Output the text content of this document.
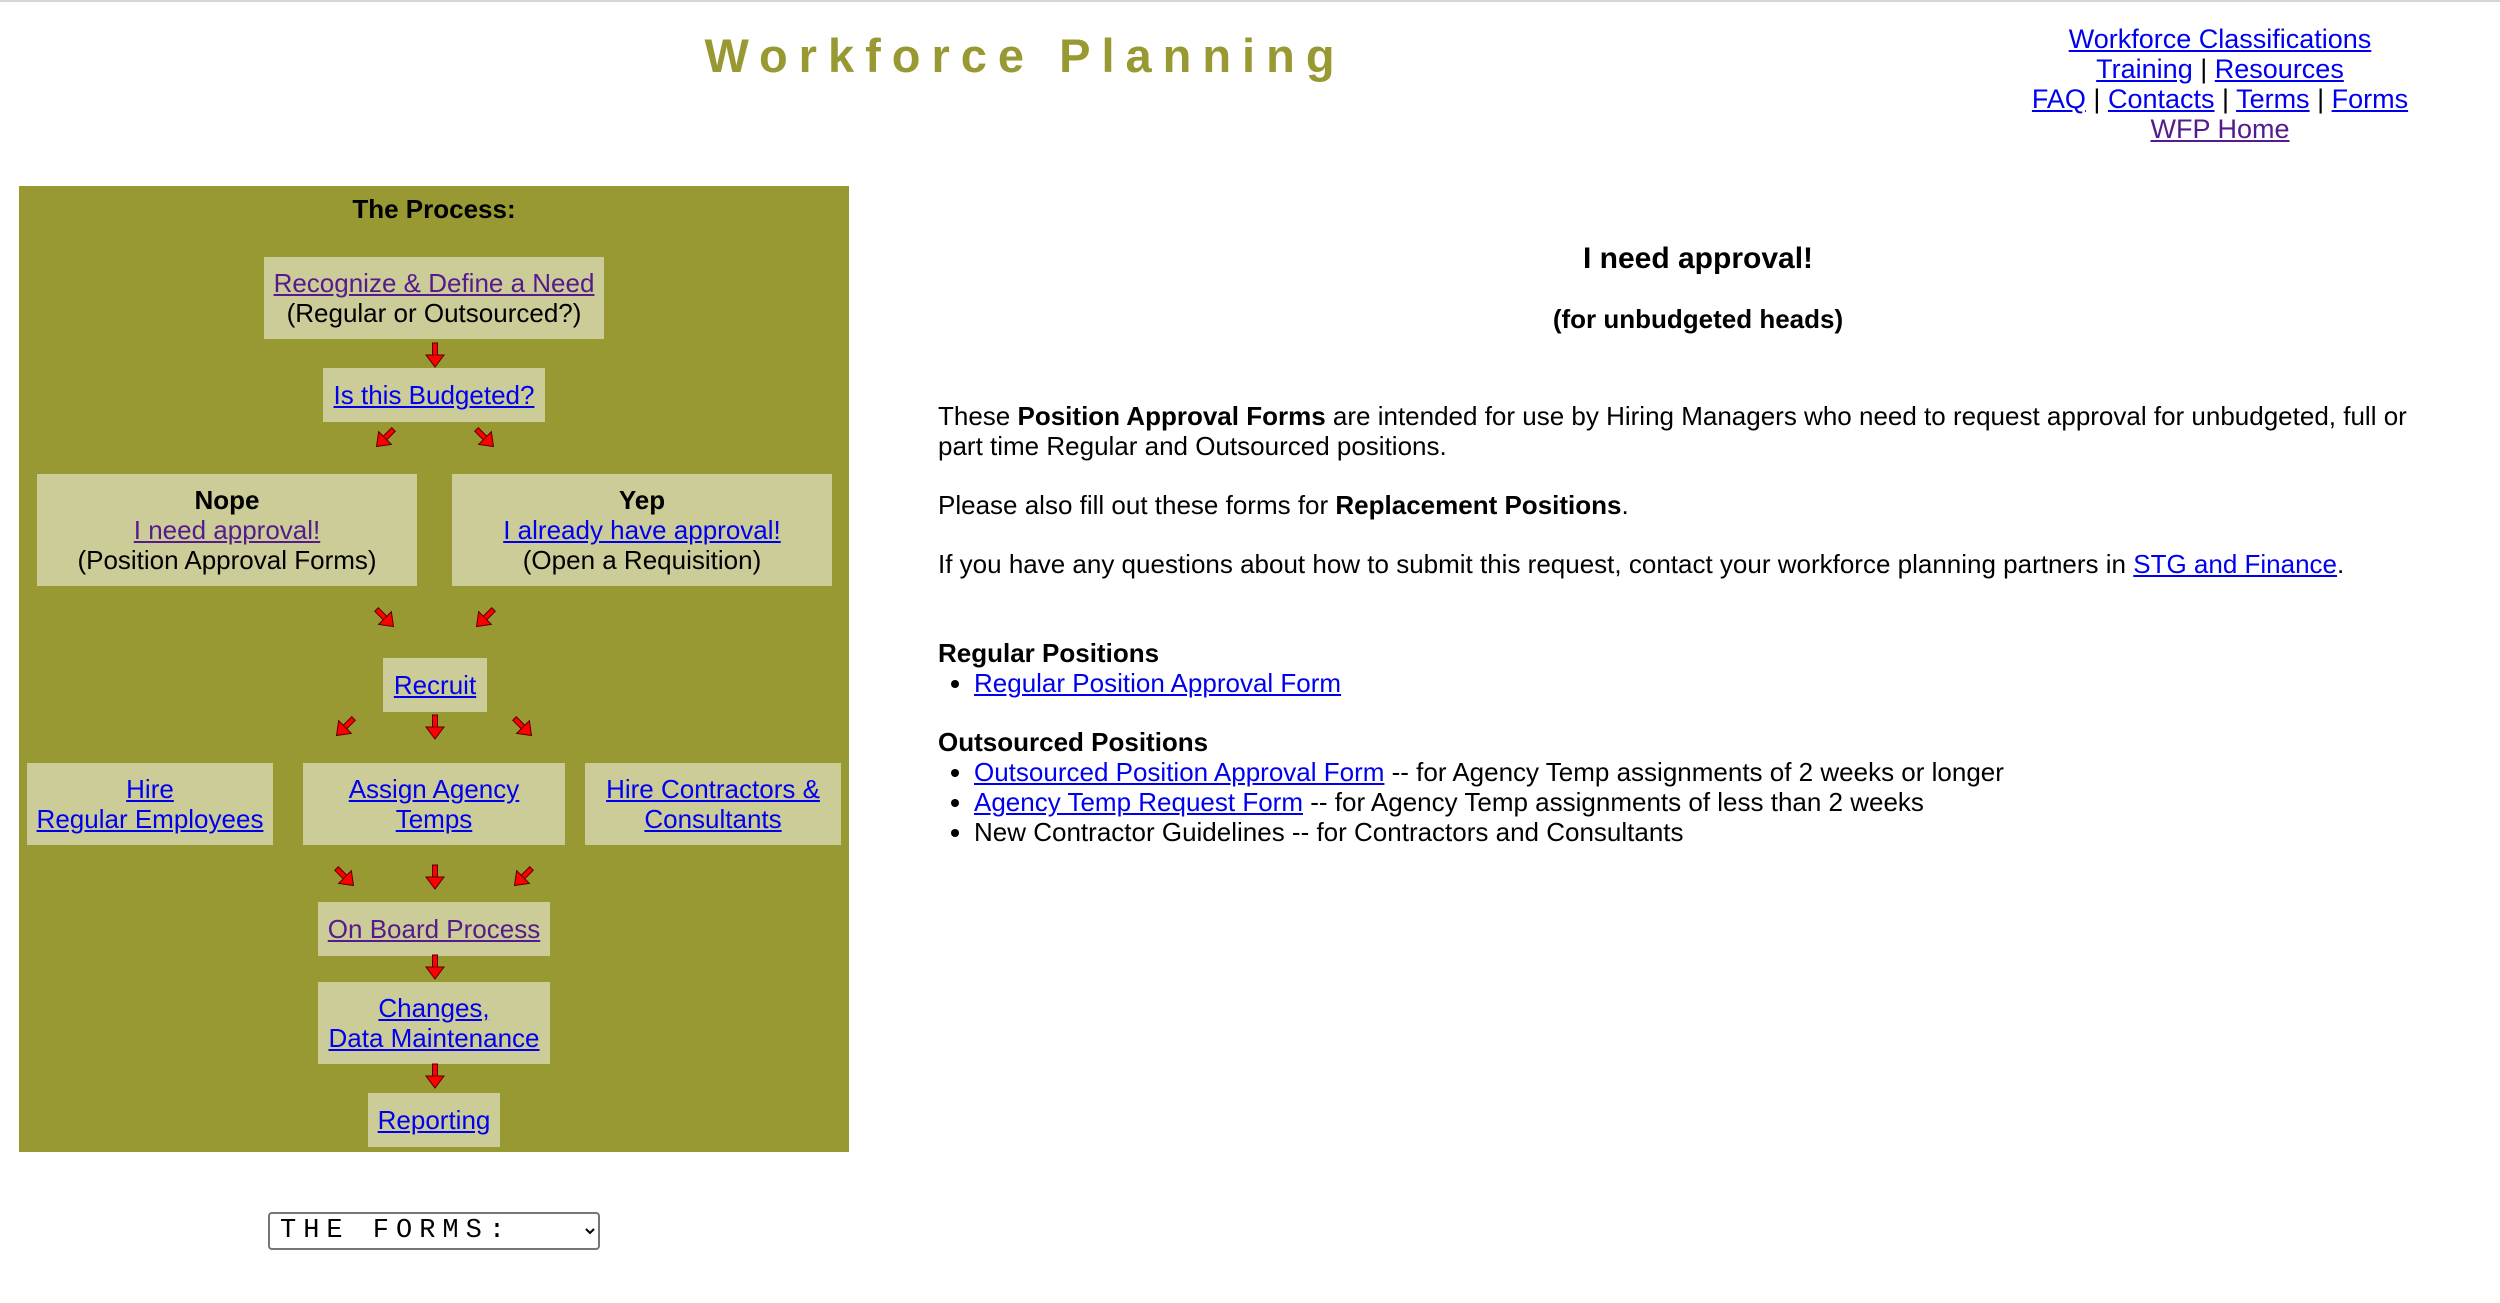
Workforce Planning	Workforce Classifications
Training | Resources
FAQ | Contacts | Terms | Forms
WFP Home
The Process:
Recognize & Define a Need
(Regular or Outsourced?)
Is this Budgeted?
Nope
I need approval!
(Position Approval Forms)
Yep
I already have approval!
(Open a Requisition)
Recruit
Hire
Regular Employees
Assign Agency
Temps
Hire Contractors &
Consultants
On Board Process
Changes,
Data Maintenance
Reporting
THE FORMS:
I need approval!
(for unbudgeted heads)

These Position Approval Forms are intended for use by Hiring Managers who need to request approval for unbudgeted, full or part time Regular and Outsourced positions.

Please also fill out these forms for Replacement Positions.

If you have any questions about how to submit this request, contact your workforce planning partners in STG and Finance.

Regular Positions
• Regular Position Approval Form
Outsourced Positions
• Outsourced Position Approval Form -- for Agency Temp assignments of 2 weeks or longer
• Agency Temp Request Form -- for Agency Temp assignments of less than 2 weeks
• New Contractor Guidelines -- for Contractors and Consultants
